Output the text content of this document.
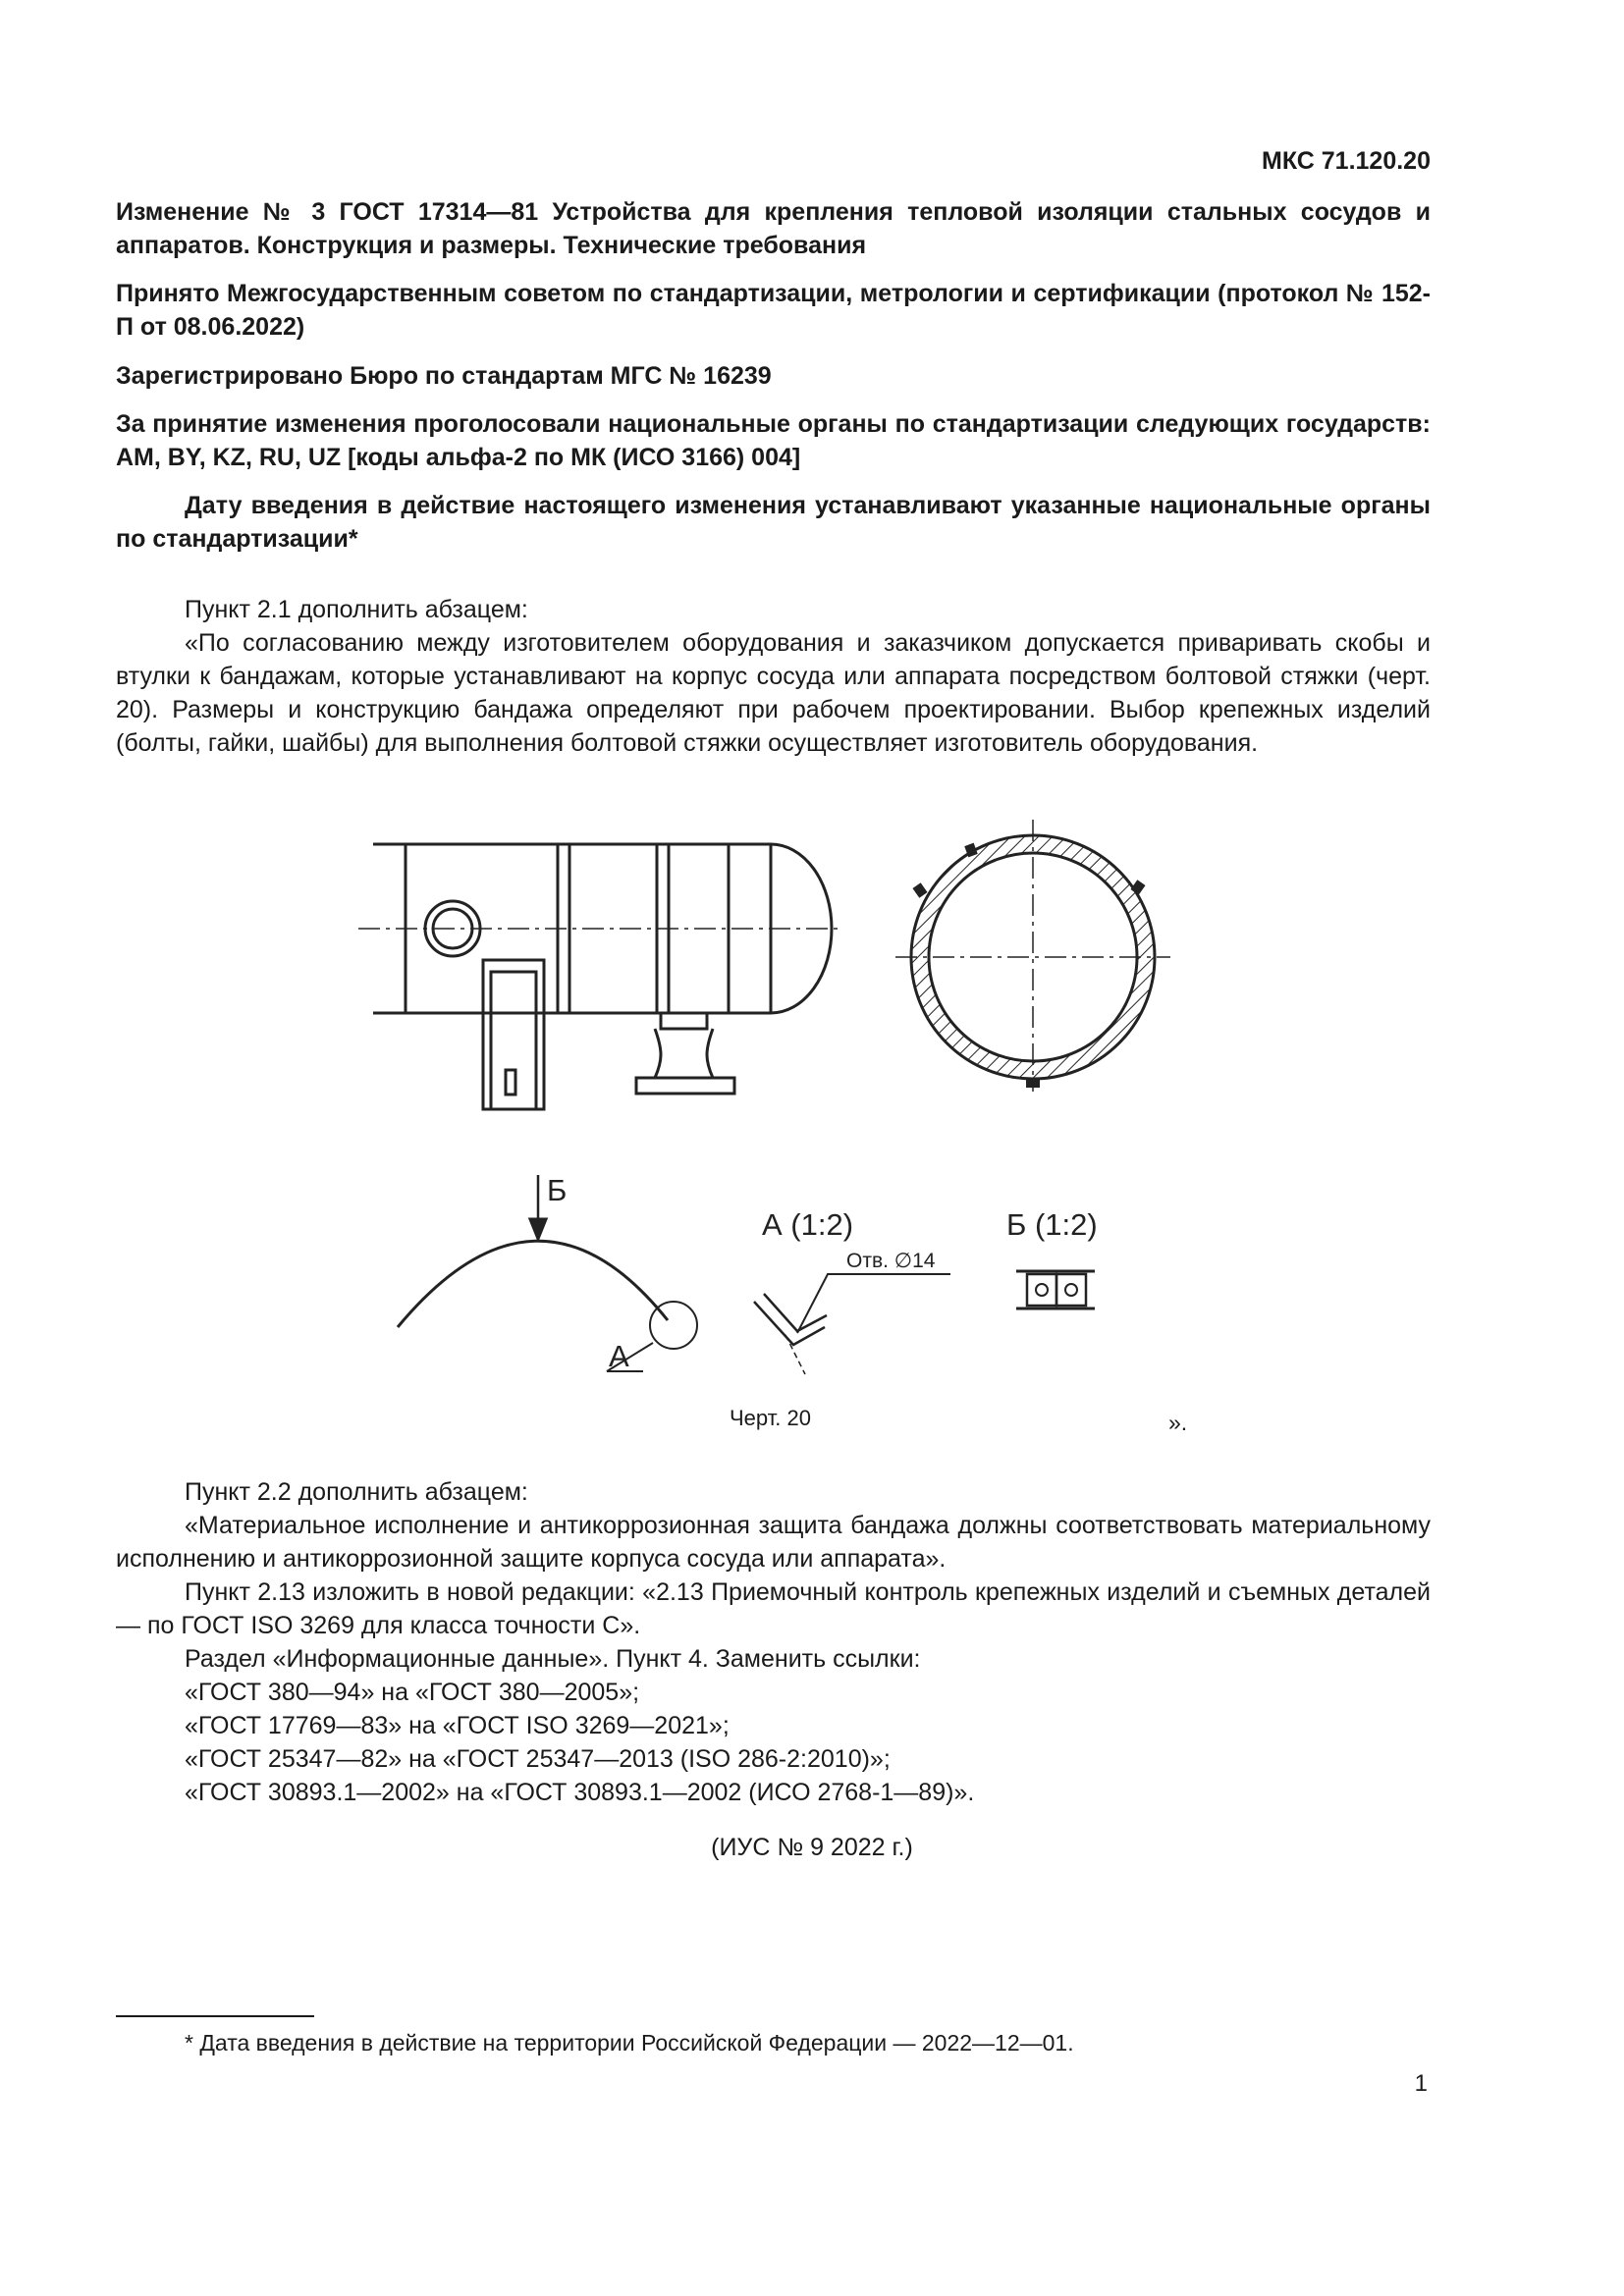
МКС 71.120.20
Изменение № 3 ГОСТ 17314—81 Устройства для крепления тепловой изоляции стальных сосудов и аппаратов. Конструкция и размеры. Технические требования
Принято Межгосударственным советом по стандартизации, метрологии и сертификации (протокол № 152-П от 08.06.2022)
Зарегистрировано Бюро по стандартам МГС № 16239
За принятие изменения проголосовали национальные органы по стандартизации следующих государств: AM, BY, KZ, RU, UZ [коды альфа-2 по МК (ИСО 3166) 004]
Дату введения в действие настоящего изменения устанавливают указанные национальные органы по стандартизации*

Пункт 2.1 дополнить абзацем:

«По согласованию между изготовителем оборудования и заказчиком допускается приваривать скобы и втулки к бандажам, которые устанавливают на корпус сосуда или аппарата посредством болтовой стяжки (черт. 20). Размеры и конструкцию бандажа определяют при рабочем проектировании. Выбор крепежных изделий (болты, гайки, шайбы) для выполнения болтовой стяжки осуществляет изготовитель оборудования.

Б
А
А (1:2)
Отв. ∅14
Б (1:2)
Черт. 20	».

Пункт 2.2 дополнить абзацем:

«Материальное исполнение и антикоррозионная защита бандажа должны соответствовать материальному исполнению и антикоррозионной защите корпуса сосуда или аппарата».

Пункт 2.13 изложить в новой редакции: «2.13 Приемочный контроль крепежных изделий и съемных деталей — по ГОСТ ISO 3269 для класса точности С».

Раздел «Информационные данные». Пункт 4. Заменить ссылки:

«ГОСТ 380—94» на «ГОСТ 380—2005»;

«ГОСТ 17769—83» на «ГОСТ ISO 3269—2021»;

«ГОСТ 25347—82» на «ГОСТ 25347—2013 (ISO 286-2:2010)»;

«ГОСТ 30893.1—2002» на «ГОСТ 30893.1—2002 (ИСО 2768-1—89)».

(ИУС № 9 2022 г.)
* Дата введения в действие на территории Российской Федерации — 2022—12—01.
1
